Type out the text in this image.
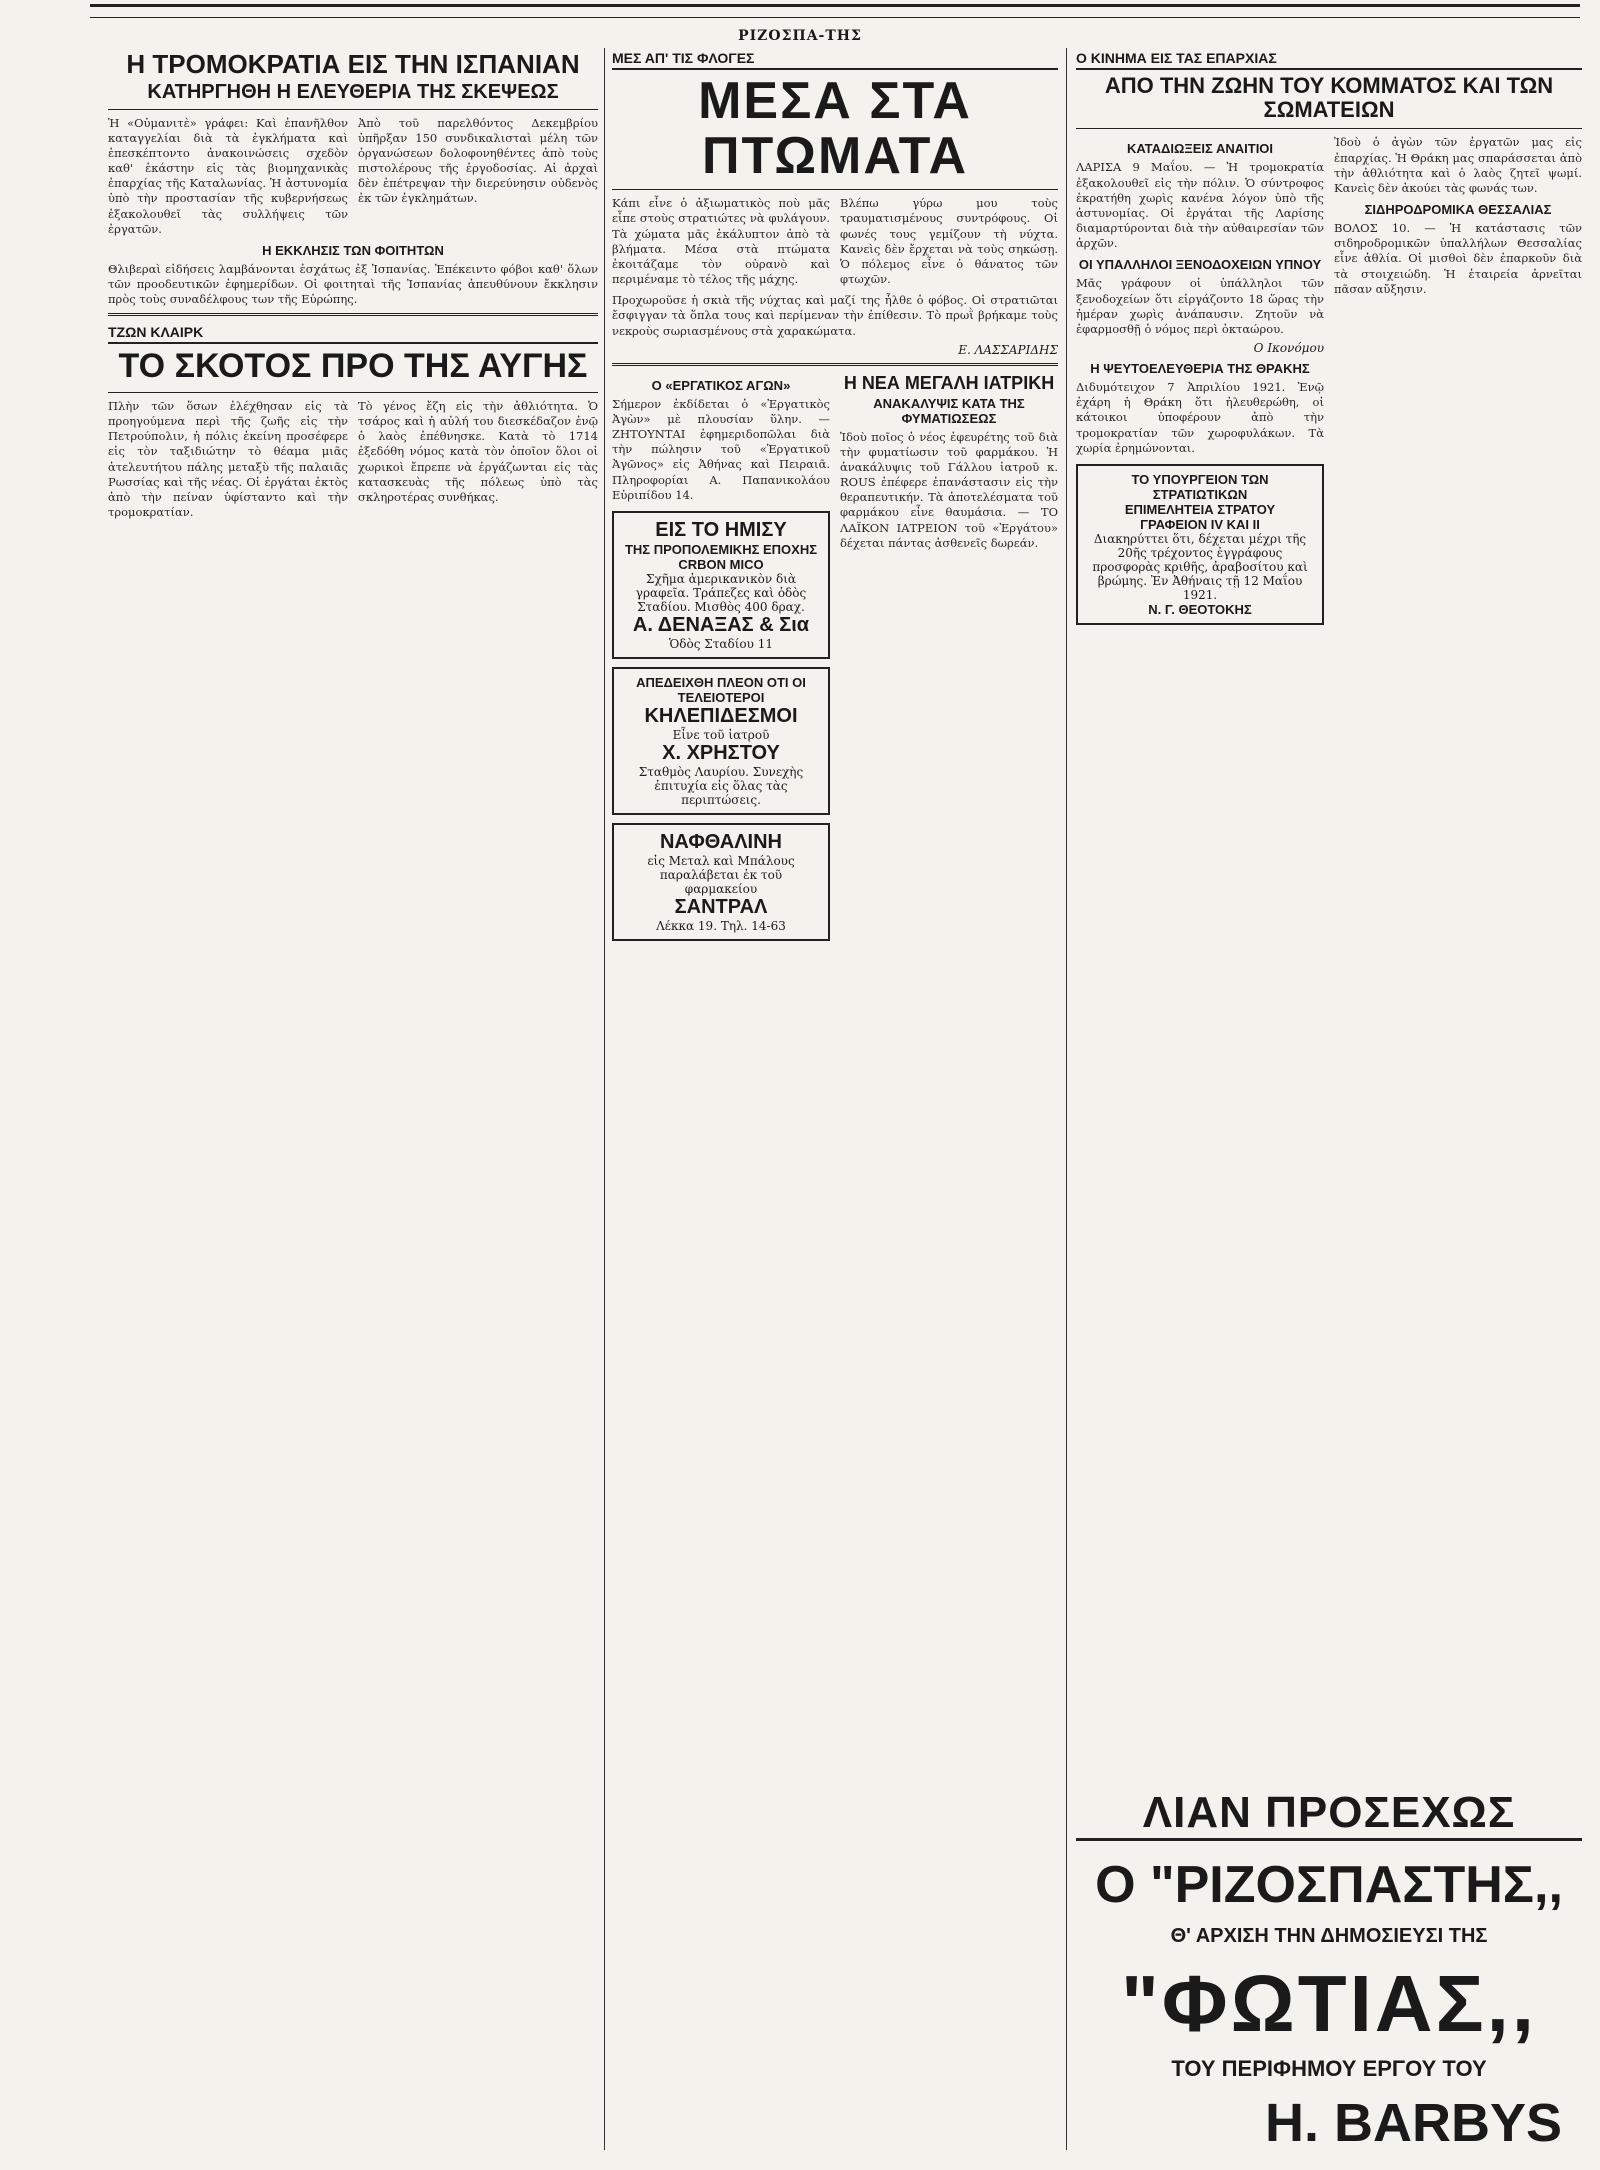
ΡΙΖΟΣΠΑ-ΤΗΣ
Η ΤΡΟΜΟΚΡΑΤΙΑ ΕΙΣ ΤΗΝ ΙΣΠΑΝΙΑΝ
ΚΑΤΗΡΓΗΘΗ Η ΕΛΕΥΘΕΡΙΑ ΤΗΣ ΣΚΕΨΕΩΣ
Ἡ «Οὐμανιτὲ» γράφει: Καὶ ἐπανῆλθον καταγγελίαι διὰ τὰ ἐγκλήματα καὶ ἐπεσκέπτοντο ἀνακοινώσεις σχεδὸν καθ' ἑκάστην εἰς τὰς βιομηχανικὰς ἐπαρχίας τῆς Καταλωνίας. Ἡ ἀστυνομία ὑπὸ τὴν προστασίαν τῆς κυβερνήσεως ἐξακολουθεῖ τὰς συλλήψεις τῶν ἐργατῶν.
Ἀπὸ τοῦ παρελθόντος Δεκεμβρίου ὑπῆρξαν 150 συνδικαλισταὶ μέλη τῶν ὀργανώσεων δολοφονηθέντες ἀπὸ τοὺς πιστολέρους τῆς ἐργοδοσίας. Αἱ ἀρχαὶ δὲν ἐπέτρεψαν τὴν διερεύνησιν οὐδενὸς ἐκ τῶν ἐγκλημάτων.
Η ΕΚΚΛΗΣΙΣ ΤΩΝ ΦΟΙΤΗΤΩΝ
Θλιβεραὶ εἰδήσεις λαμβάνονται ἐσχάτως ἐξ Ἰσπανίας. Ἐπέκειντο φόβοι καθ' ὅλων τῶν προοδευτικῶν ἐφημερίδων. Οἱ φοιτηταὶ τῆς Ἰσπανίας ἀπευθύνουν ἔκκλησιν πρὸς τοὺς συναδέλφους των τῆς Εὐρώπης.
ΤΖΩΝ ΚΛΑΙΡΚ
ΤΟ ΣΚΟΤΟΣ ΠΡΟ ΤΗΣ ΑΥΓΗΣ
Πλὴν τῶν ὅσων ἐλέχθησαν εἰς τὰ προηγούμενα περὶ τῆς ζωῆς εἰς τὴν Πετρούπολιν, ἡ πόλις ἐκείνη προσέφερε εἰς τὸν ταξιδιώτην τὸ θέαμα μιᾶς ἀτελευτήτου πάλης μεταξὺ τῆς παλαιᾶς Ρωσσίας καὶ τῆς νέας. Οἱ ἐργάται ἐκτὸς ἀπὸ τὴν πείναν ὑφίσταντο καὶ τὴν τρομοκρατίαν.
Τὸ γένος ἔζη εἰς τὴν ἀθλιότητα. Ὁ τσάρος καὶ ἡ αὐλή του διεσκέδαζον ἐνῷ ὁ λαὸς ἐπέθνησκε. Κατὰ τὸ 1714 ἐξεδόθη νόμος κατὰ τὸν ὁποῖον ὅλοι οἱ χωρικοὶ ἔπρεπε νὰ ἐργάζωνται εἰς τὰς κατασκευὰς τῆς πόλεως ὑπὸ τὰς σκληροτέρας συνθήκας.
ΜΕΣ ΑΠ' ΤΙΣ ΦΛΟΓΕΣ
ΜΕΣΑ ΣΤΑ ΠΤΩΜΑΤΑ
Κάπι εἶνε ὁ ἀξιωματικὸς ποὺ μᾶς εἶπε στοὺς στρατιώτες νὰ φυλάγουν. Τὰ χώματα μᾶς ἐκάλυπτον ἀπὸ τὰ βλήματα. Μέσα στὰ πτώματα ἐκοιτάζαμε τὸν οὐρανὸ καὶ περιμέναμε τὸ τέλος τῆς μάχης.
Βλέπω γύρω μου τοὺς τραυματισμένους συντρόφους. Οἱ φωνές τους γεμίζουν τὴ νύχτα. Κανεὶς δὲν ἔρχεται νὰ τοὺς σηκώσῃ. Ὁ πόλεμος εἶνε ὁ θάνατος τῶν φτωχῶν.
Προχωροῦσε ἡ σκιὰ τῆς νύχτας καὶ μαζί της ἦλθε ὁ φόβος. Οἱ στρατιῶται ἔσφιγγαν τὰ ὅπλα τους καὶ περίμεναν τὴν ἐπίθεσιν. Τὸ πρωῒ βρήκαμε τοὺς νεκροὺς σωριασμένους στὰ χαρακώματα.
Ε. ΛΑΣΣΑΡΙΔΗΣ
Ο «ΕΡΓΑΤΙΚΟΣ ΑΓΩΝ»
Σήμερον ἐκδίδεται ὁ «Ἐργατικὸς Ἀγὼν» μὲ πλουσίαν ὕλην. — ΖΗΤΟΥΝΤΑΙ ἐφημεριδοπῶλαι διὰ τὴν πώλησιν τοῦ «Ἐργατικοῦ Ἀγῶνος» εἰς Ἀθήνας καὶ Πειραιᾶ. Πληροφορίαι Α. Παπανικολάου Εὐριπίδου 14.
ΕΙΣ ΤΟ ΗΜΙΣΥ
ΤΗΣ ΠΡΟΠΟΛΕΜΙΚΗΣ ΕΠΟΧΗΣ
CRBON MICO
Σχῆμα ἀμερικανικὸν διὰ γραφεῖα. Τράπεζες καὶ ὁδὸς Σταδίου. Μισθὸς 400 δραχ.
Α. ΔΕΝΑΞΑΣ & Σια
Ὁδὸς Σταδίου 11
ΑΠΕΔΕΙΧΘΗ ΠΛΕΟΝ ΟΤΙ ΟΙ ΤΕΛΕΙΟΤΕΡΟΙ
ΚΗΛΕΠΙΔΕΣΜΟΙ
Εἶνε τοῦ ἰατροῦ
Χ. ΧΡΗΣΤΟΥ
Σταθμὸς Λαυρίου. Συνεχὴς ἐπιτυχία εἰς ὅλας τὰς περιπτώσεις.
ΝΑΦΘΑΛΙΝΗ
εἰς Μεταλ καὶ Μπάλους παραλάβεται ἐκ τοῦ φαρμακείου
ΣΑΝΤΡΑΛ
Λέκκα 19. Τηλ. 14-63
Η ΝΕΑ ΜΕΓΑΛΗ ΙΑΤΡΙΚΗ
ΑΝΑΚΑΛΥΨΙΣ ΚΑΤΑ ΤΗΣ ΦΥΜΑΤΙΩΣΕΩΣ
Ἰδοὺ ποῖος ὁ νέος ἐφευρέτης τοῦ διὰ τὴν φυματίωσιν τοῦ φαρμάκου. Ἡ ἀνακάλυψις τοῦ Γάλλου ἰατροῦ κ. ROUS ἐπέφερε ἐπανάστασιν εἰς τὴν θεραπευτικήν. Τὰ ἀποτελέσματα τοῦ φαρμάκου εἶνε θαυμάσια. — ΤΟ ΛΑΪΚΟΝ ΙΑΤΡΕΙΟΝ τοῦ «Ἐργάτου» δέχεται πάντας ἀσθενεῖς δωρεάν.
Ο ΚΙΝΗΜΑ ΕΙΣ ΤΑΣ ΕΠΑΡΧΙΑΣ
ΑΠΟ ΤΗΝ ΖΩΗΝ ΤΟΥ ΚΟΜΜΑΤΟΣ ΚΑΙ ΤΩΝ ΣΩΜΑΤΕΙΩΝ
ΚΑΤΑΔΙΩΞΕΙΣ ΑΝΑΙΤΙΟΙ
ΛΑΡΙΣΑ 9 Μαΐου. — Ἡ τρομοκρατία ἐξακολουθεῖ εἰς τὴν πόλιν. Ὁ σύντροφος ἐκρατήθη χωρὶς κανένα λόγον ὑπὸ τῆς ἀστυνομίας. Οἱ ἐργάται τῆς Λαρίσης διαμαρτύρονται διὰ τὴν αὐθαιρεσίαν τῶν ἀρχῶν.
ΟΙ ΥΠΑΛΛΗΛΟΙ ΞΕΝΟΔΟΧΕΙΩΝ ΥΠΝΟΥ
Μᾶς γράφουν οἱ ὑπάλληλοι τῶν ξενοδοχείων ὅτι εἰργάζοντο 18 ὥρας τὴν ἡμέραν χωρὶς ἀνάπαυσιν. Ζητοῦν νὰ ἐφαρμοσθῇ ὁ νόμος περὶ ὀκταώρου.
Ο Ικονόμου
Η ΨΕΥΤΟΕΛΕΥΘΕΡΙΑ ΤΗΣ ΘΡΑΚΗΣ
Διδυμότειχον 7 Ἀπριλίου 1921. Ἐνῷ ἐχάρη ἡ Θράκη ὅτι ἠλευθερώθη, οἱ κάτοικοι ὑποφέρουν ἀπὸ τὴν τρομοκρατίαν τῶν χωροφυλάκων. Τὰ χωρία ἐρημώνονται.
ΤΟ ΥΠΟΥΡΓΕΙΟΝ ΤΩΝ ΣΤΡΑΤΙΩΤΙΚΩΝ
ΕΠΙΜΕΛΗΤΕΙΑ ΣΤΡΑΤΟΥ
ΓΡΑΦΕΙΟΝ IV ΚΑΙ II
Διακηρύττει ὅτι, δέχεται μέχρι τῆς 20ῆς τρέχοντος ἐγγράφους προσφορὰς κριθῆς, ἀραβοσίτου καὶ βρώμης. Ἐν Ἀθήναις τῇ 12 Μαΐου 1921.
Ν. Γ. ΘΕΟΤΟΚΗΣ
Ἰδοὺ ὁ ἀγὼν τῶν ἐργατῶν μας εἰς ἐπαρχίας. Ἡ Θράκη μας σπαράσσεται ἀπὸ τὴν ἀθλιότητα καὶ ὁ λαὸς ζητεῖ ψωμί. Κανεὶς δὲν ἀκούει τὰς φωνάς των.
ΣΙΔΗΡΟΔΡΟΜΙΚΑ ΘΕΣΣΑΛΙΑΣ
ΒΟΛΟΣ 10. — Ἡ κατάστασις τῶν σιδηροδρομικῶν ὑπαλλήλων Θεσσαλίας εἶνε ἀθλία. Οἱ μισθοὶ δὲν ἐπαρκοῦν διὰ τὰ στοιχειώδη. Ἡ ἑταιρεία ἀρνεῖται πᾶσαν αὔξησιν.
ΛΙΑΝ ΠΡΟΣΕΧΩΣ
Ο "ΡΙΖΟΣΠΑΣΤΗΣ,,
Θ' ΑΡΧΙΣΗ ΤΗΝ ΔΗΜΟΣΙΕΥΣΙ ΤΗΣ
"ΦΩΤΙΑΣ,,
ΤΟΥ ΠΕΡΙΦΗΜΟΥ ΕΡΓΟΥ ΤΟΥ
Η. BARBYS
